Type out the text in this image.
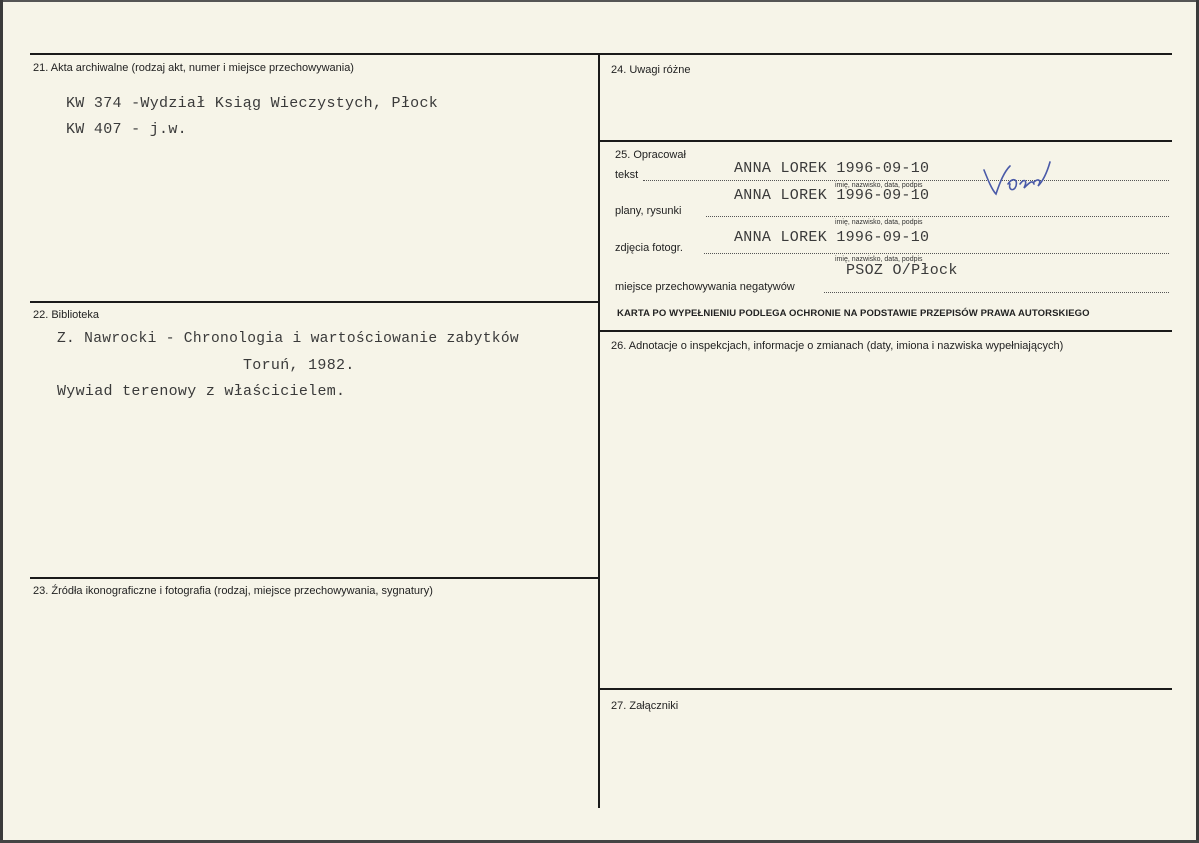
21. Akta archiwalne (rodzaj akt, numer i miejsce przechowywania)
KW 374 -Wydział Ksiąg Wieczystych, Płock
KW 407 - j.w.
22. Biblioteka
Z. Nawrocki - Chronologia i wartościowanie zabytków
Toruń, 1982.
Wywiad terenowy z właścicielem.
23. Źródła ikonograficzne i fotografia (rodzaj, miejsce przechowywania, sygnatury)
24. Uwagi różne
25. Opracował
tekst	ANNA LOREK 1996-09-10
imię, nazwisko, data, podpis
plany, rysunki
ANNA LOREK 1996-09-10
imię, nazwisko, data, podpis
zdjęcia fotogr.
ANNA LOREK 1996-09-10
imię, nazwisko, data, podpis
miejsce przechowywania negatywów
PSOZ O/Płock
KARTA PO WYPEŁNIENIU PODLEGA OCHRONIE NA PODSTAWIE PRZEPISÓW PRAWA AUTORSKIEGO
26. Adnotacje o inspekcjach, informacje o zmianach (daty, imiona i nazwiska wypełniających)
27. Załączniki
